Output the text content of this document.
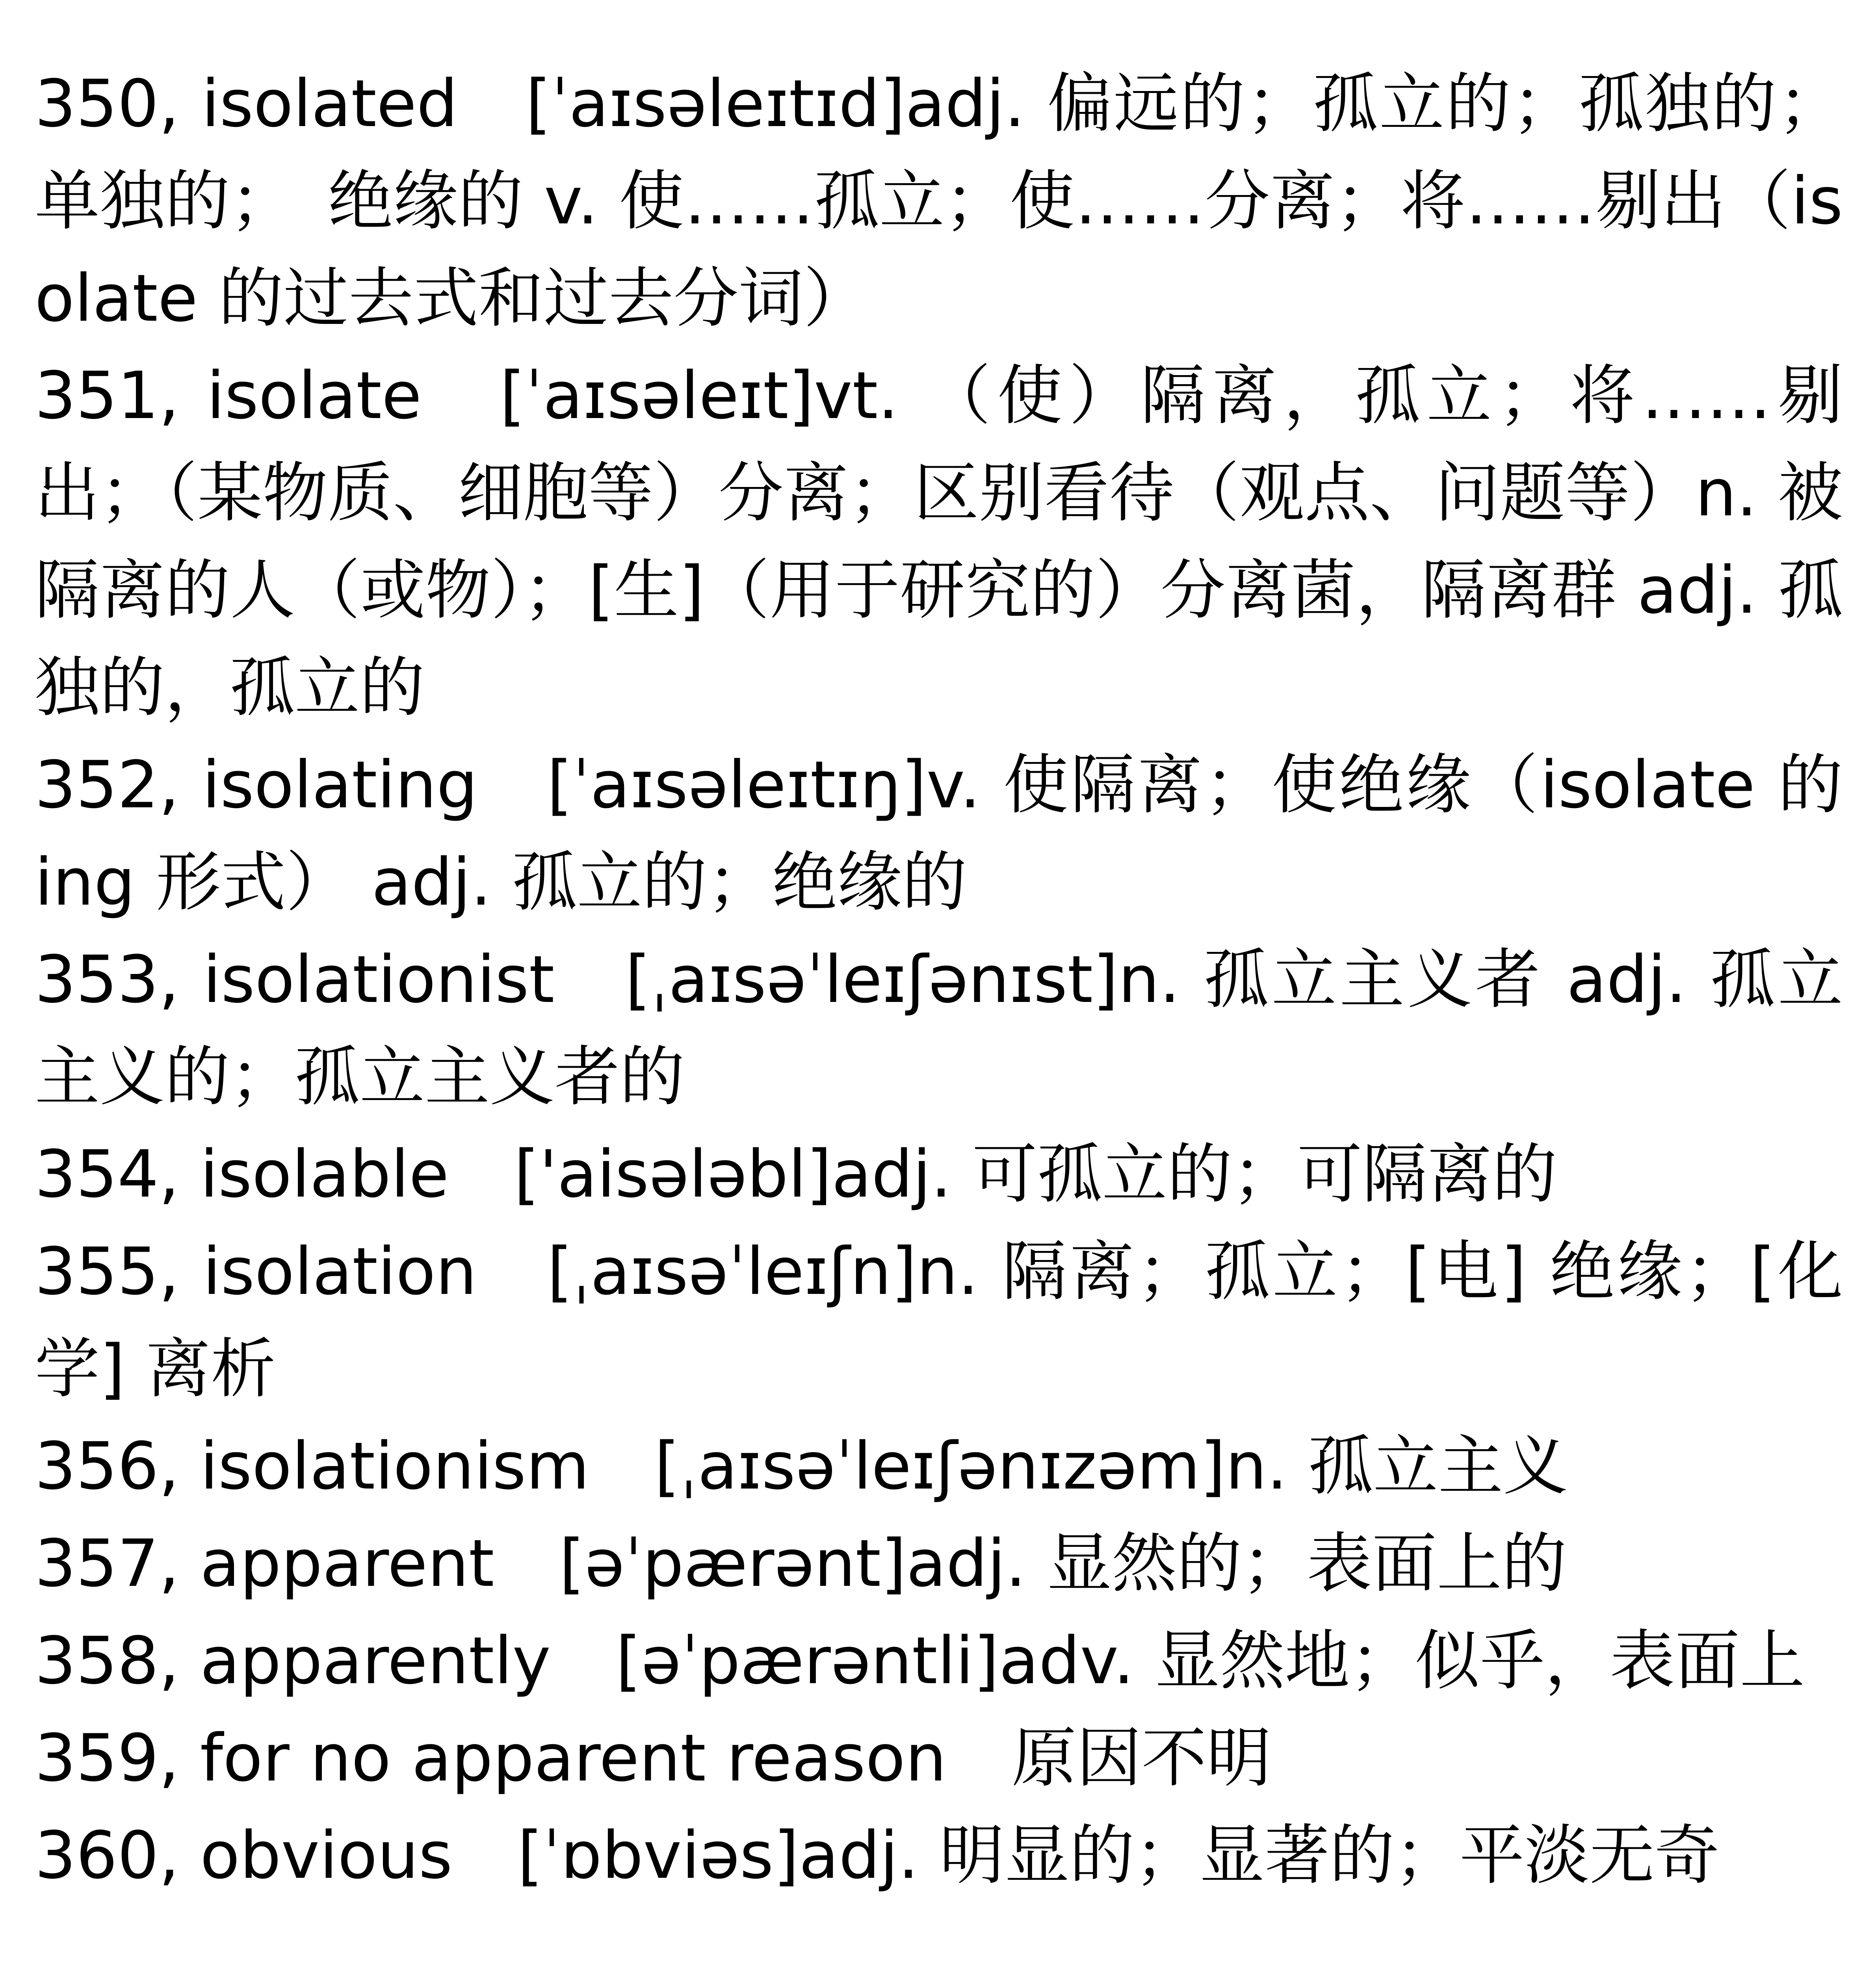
350, isolated　[ˈaɪsəleɪtɪd]adj. 偏远的；孤立的；孤独的；单独的；　绝缘的 v. 使……孤立；使……分离；将……剔出（isolate 的过去式和过去分词）

351, isolate　[ˈaɪsəleɪt]vt. （使）隔离，孤立；将……剔出；（某物质、细胞等）分离；区别看待（观点、问题等）n. 被隔离的人（或物）；[生]（用于研究的）分离菌，隔离群 adj. 孤独的，孤立的

352, isolating　[ˈaɪsəleɪtɪŋ]v. 使隔离；使绝缘（isolate 的 ing 形式） adj. 孤立的；绝缘的

353, isolationist　[ˌaɪsəˈleɪʃənɪst]n. 孤立主义者 adj. 孤立主义的；孤立主义者的

354, isolable　['aisələbl]adj. 可孤立的；可隔离的

355, isolation　[ˌaɪsəˈleɪʃn]n. 隔离；孤立；[电] 绝缘；[化学] 离析

356, isolationism　[ˌaɪsəˈleɪʃənɪzəm]n. 孤立主义

357, apparent　[əˈpærənt]adj. 显然的；表面上的

358, apparently　[əˈpærəntli]adv. 显然地；似乎，表面上

359, for no apparent reason　原因不明

360, obvious　[ˈɒbviəs]adj. 明显的；显著的；平淡无奇
